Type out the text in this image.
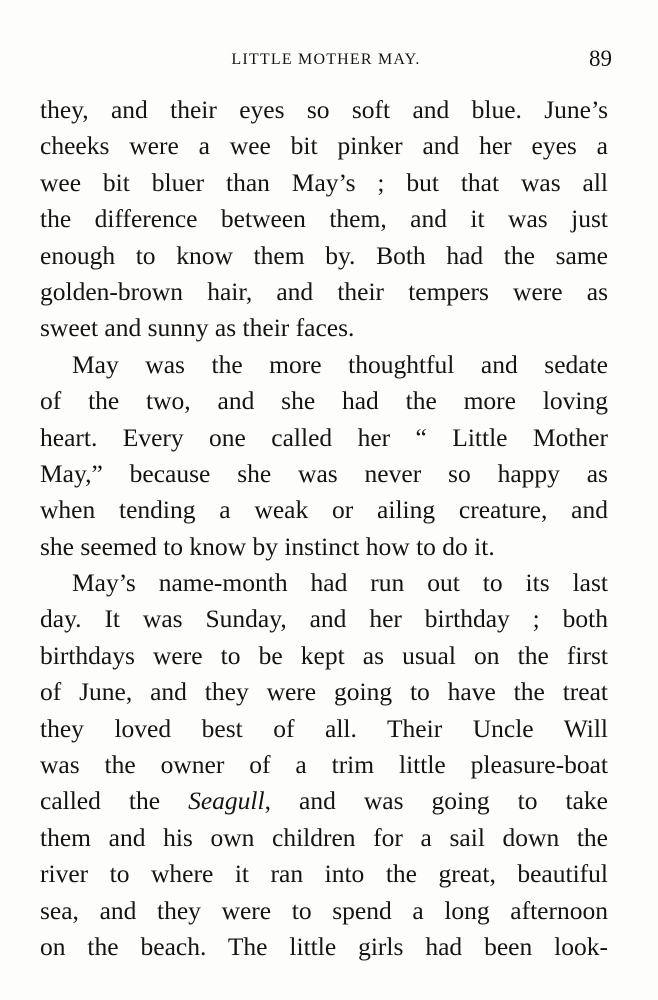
LITTLE MOTHER MAY.	89
they, and their eyes so soft and blue. June’s
cheeks were a wee bit pinker and her eyes a
wee bit bluer than May’s ; but that was all
the difference between them, and it was just
enough to know them by. Both had the same
golden-brown hair, and their tempers were as
sweet and sunny as their faces.
May was the more thoughtful and sedate
of the two, and she had the more loving
heart. Every one called her “ Little Mother
May,” because she was never so happy as
when tending a weak or ailing creature, and
she seemed to know by instinct how to do it.
May’s name-month had run out to its last
day. It was Sunday, and her birthday ; both
birthdays were to be kept as usual on the first
of June, and they were going to have the treat
they loved best of all. Their Uncle Will
was the owner of a trim little pleasure-boat
called the Seagull, and was going to take
them and his own children for a sail down the
river to where it ran into the great, beautiful
sea, and they were to spend a long afternoon
on the beach. The little girls had been look-
